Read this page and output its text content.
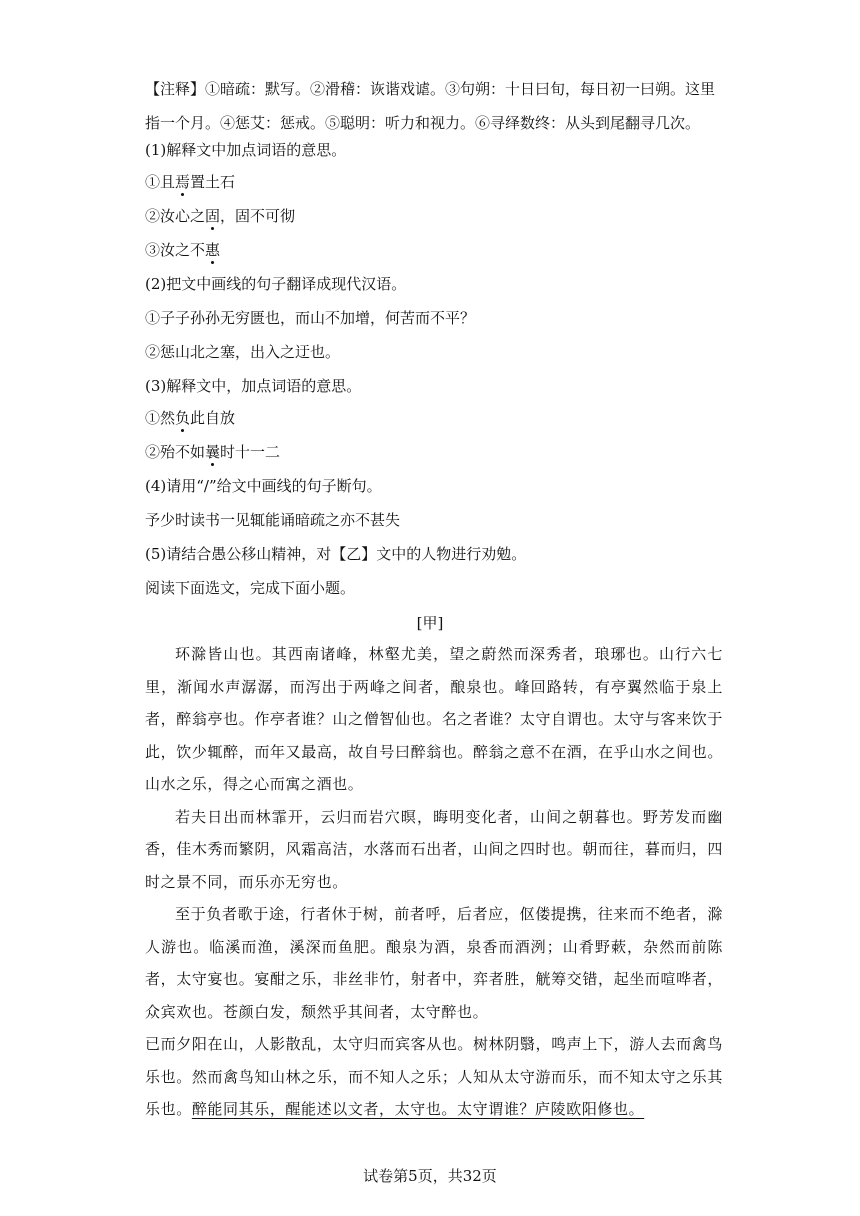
【注释】①暗疏：默写。②滑稽：诙谐戏谑。③句朔：十日曰旬，每日初一曰朔。这里

指一个月。④惩艾：惩戒。⑤聪明：听力和视力。⑥寻绎数终：从头到尾翻寻几次。

(1)解释文中加点词语的意思。
①且焉置土石
②汝心之固，固不可彻
③汝之不惠
(2)把文中画线的句子翻译成现代汉语。
①子子孙孙无穷匮也，而山不加增，何苦而不平？
②惩山北之塞，出入之迂也。
(3)解释文中，加点词语的意思。
①然负此自放
②殆不如曩时十一二
(4)请用“/”给文中画线的句子断句。
予少时读书一见辄能诵暗疏之亦不甚失
(5)请结合愚公移山精神，对【乙】文中的人物进行劝勉。
阅读下面选文，完成下面小题。
[甲]

环滁皆山也。其西南诸峰，林壑尤美，望之蔚然而深秀者，琅琊也。山行六七里，渐闻水声潺潺，而泻出于两峰之间者，酿泉也。峰回路转，有亭翼然临于泉上者，醉翁亭也。作亭者谁？山之僧智仙也。名之者谁？太守自谓也。太守与客来饮于此，饮少辄醉，而年又最高，故自号曰醉翁也。醉翁之意不在酒，在乎山水之间也。山水之乐，得之心而寓之酒也。

若夫日出而林霏开，云归而岩穴暝，晦明变化者，山间之朝暮也。野芳发而幽香，佳木秀而繁阴，风霜高洁，水落而石出者，山间之四时也。朝而往，暮而归，四时之景不同，而乐亦无穷也。

至于负者歌于途，行者休于树，前者呼，后者应，伛偻提携，往来而不绝者，滁人游也。临溪而渔，溪深而鱼肥。酿泉为酒，泉香而酒洌；山肴野蔌，杂然而前陈者，太守宴也。宴酣之乐，非丝非竹，射者中，弈者胜，觥筹交错，起坐而喧哗者，众宾欢也。苍颜白发，颓然乎其间者，太守醉也。

已而夕阳在山，人影散乱，太守归而宾客从也。树林阴翳，鸣声上下，游人去而禽鸟乐也。然而禽鸟知山林之乐，而不知人之乐；人知从太守游而乐，而不知太守之乐其乐也。醉能同其乐，醒能述以文者，太守也。太守谓谁？庐陵欧阳修也。

试卷第5页，共32页
